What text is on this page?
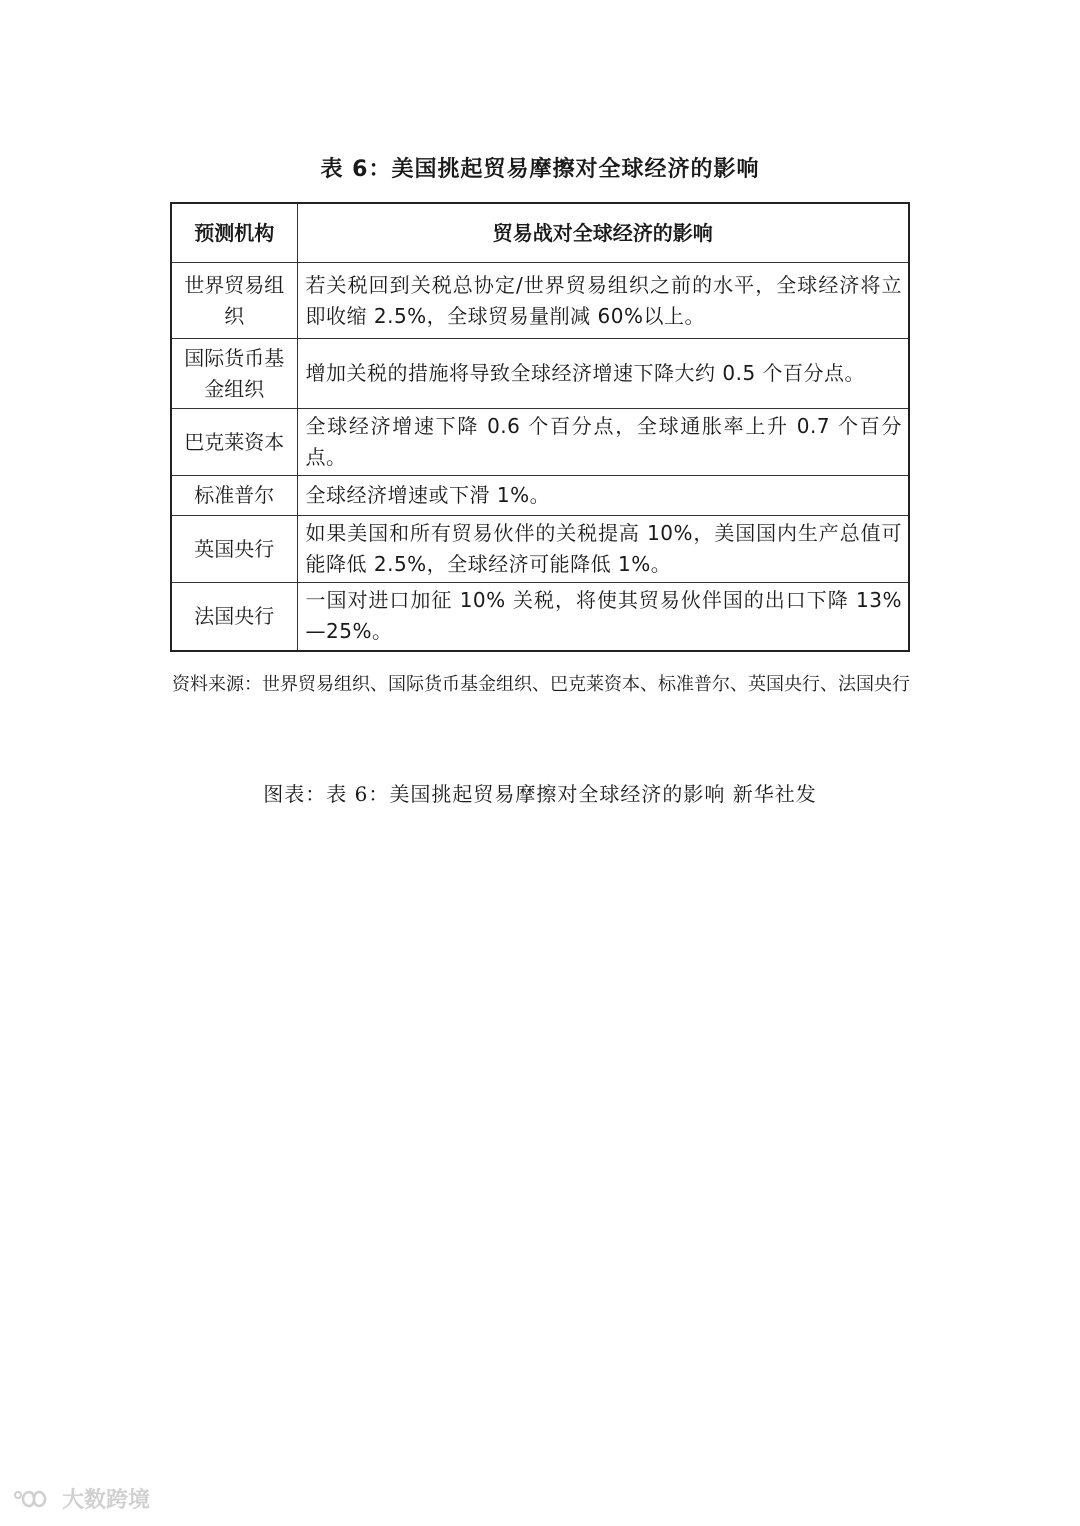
表 6：美国挑起贸易摩擦对全球经济的影响
预测机构	贸易战对全球经济的影响
世界贸易组织	若关税回到关税总协定/世界贸易组织之前的水平，全球经济将立即收缩 2.5%，全球贸易量削减 60%以上。
国际货币基金组织	增加关税的措施将导致全球经济增速下降大约 0.5 个百分点。
巴克莱资本	全球经济增速下降 0.6 个百分点，全球通胀率上升 0.7 个百分点。
标准普尔	全球经济增速或下滑 1%。
英国央行	如果美国和所有贸易伙伴的关税提高 10%，美国国内生产总值可能降低 2.5%，全球经济可能降低 1%。
法国央行	一国对进口加征 10% 关税，将使其贸易伙伴国的出口下降 13%—25%。
资料来源： 世界贸易组织、国际货币基金组织、巴克莱资本、标准普尔、英国央行、法国央行
图表：表 6：美国挑起贸易摩擦对全球经济的影响 新华社发
大数跨境
